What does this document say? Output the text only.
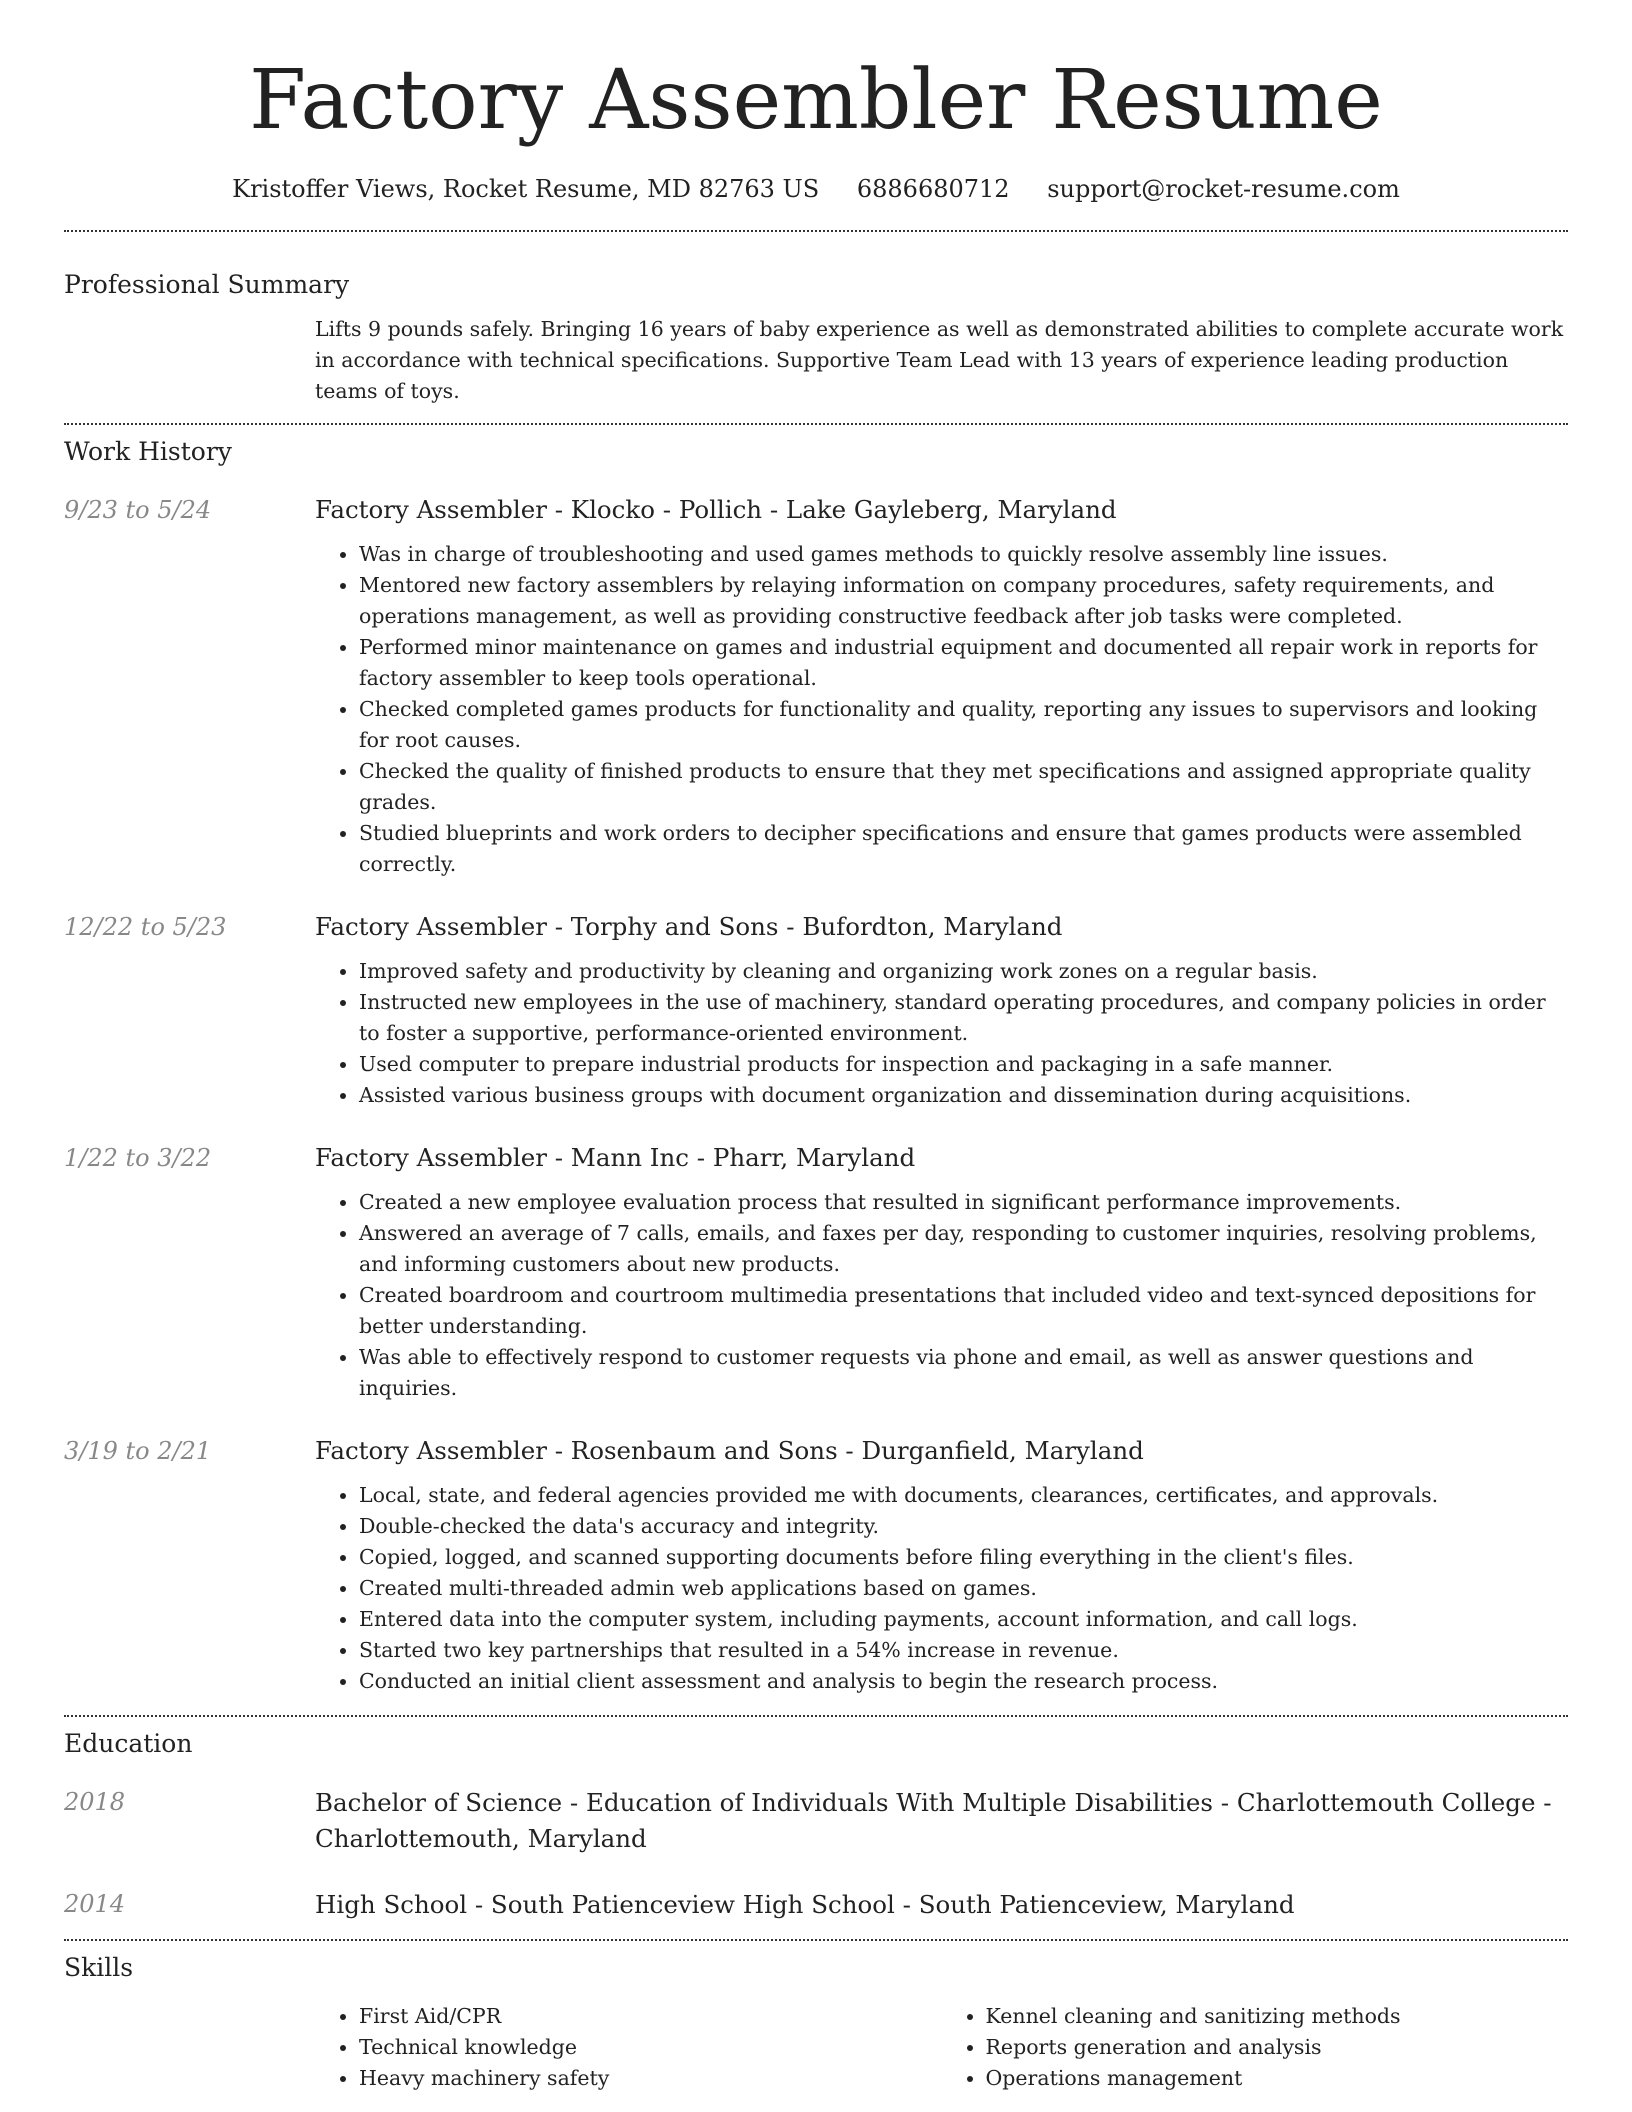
Factory Assembler Resume
Kristoffer Views, Rocket Resume, MD 82763 US 6886680712 support@rocket-resume.com
Professional Summary

Lifts 9 pounds safely. Bringing 16 years of baby experience as well as demonstrated abilities to complete accurate work in accordance with technical specifications. Supportive Team Lead with 13 years of experience leading production teams of toys.

Work History
9/23 to 5/24	Factory Assembler - Klocko - Pollich - Lake Gayleberg, Maryland
• Was in charge of troubleshooting and used games methods to quickly resolve assembly line issues.
• Mentored new factory assemblers by relaying information on company procedures, safety requirements, and operations management, as well as providing constructive feedback after job tasks were completed.
• Performed minor maintenance on games and industrial equipment and documented all repair work in reports for factory assembler to keep tools operational.
• Checked completed games products for functionality and quality, reporting any issues to supervisors and looking for root causes.
• Checked the quality of finished products to ensure that they met specifications and assigned appropriate quality grades.
• Studied blueprints and work orders to decipher specifications and ensure that games products were assembled correctly.
12/22 to 5/23	Factory Assembler - Torphy and Sons - Bufordton, Maryland
• Improved safety and productivity by cleaning and organizing work zones on a regular basis.
• Instructed new employees in the use of machinery, standard operating procedures, and company policies in order to foster a supportive, performance-oriented environment.
• Used computer to prepare industrial products for inspection and packaging in a safe manner.
• Assisted various business groups with document organization and dissemination during acquisitions.
1/22 to 3/22	Factory Assembler - Mann Inc - Pharr, Maryland
• Created a new employee evaluation process that resulted in significant performance improvements.
• Answered an average of 7 calls, emails, and faxes per day, responding to customer inquiries, resolving problems, and informing customers about new products.
• Created boardroom and courtroom multimedia presentations that included video and text-synced depositions for better understanding.
• Was able to effectively respond to customer requests via phone and email, as well as answer questions and inquiries.
3/19 to 2/21	Factory Assembler - Rosenbaum and Sons - Durganfield, Maryland
• Local, state, and federal agencies provided me with documents, clearances, certificates, and approvals.
• Double-checked the data's accuracy and integrity.
• Copied, logged, and scanned supporting documents before filing everything in the client's files.
• Created multi-threaded admin web applications based on games.
• Entered data into the computer system, including payments, account information, and call logs.
• Started two key partnerships that resulted in a 54% increase in revenue.
• Conducted an initial client assessment and analysis to begin the research process.
Education
2018	Bachelor of Science - Education of Individuals With Multiple Disabilities - Charlottemouth College - Charlottemouth, Maryland
2014	High School - South Patienceview High School - South Patienceview, Maryland
Skills
• First Aid/CPR
• Technical knowledge
• Heavy machinery safety
• Kennel cleaning and sanitizing methods
• Reports generation and analysis
• Operations management
